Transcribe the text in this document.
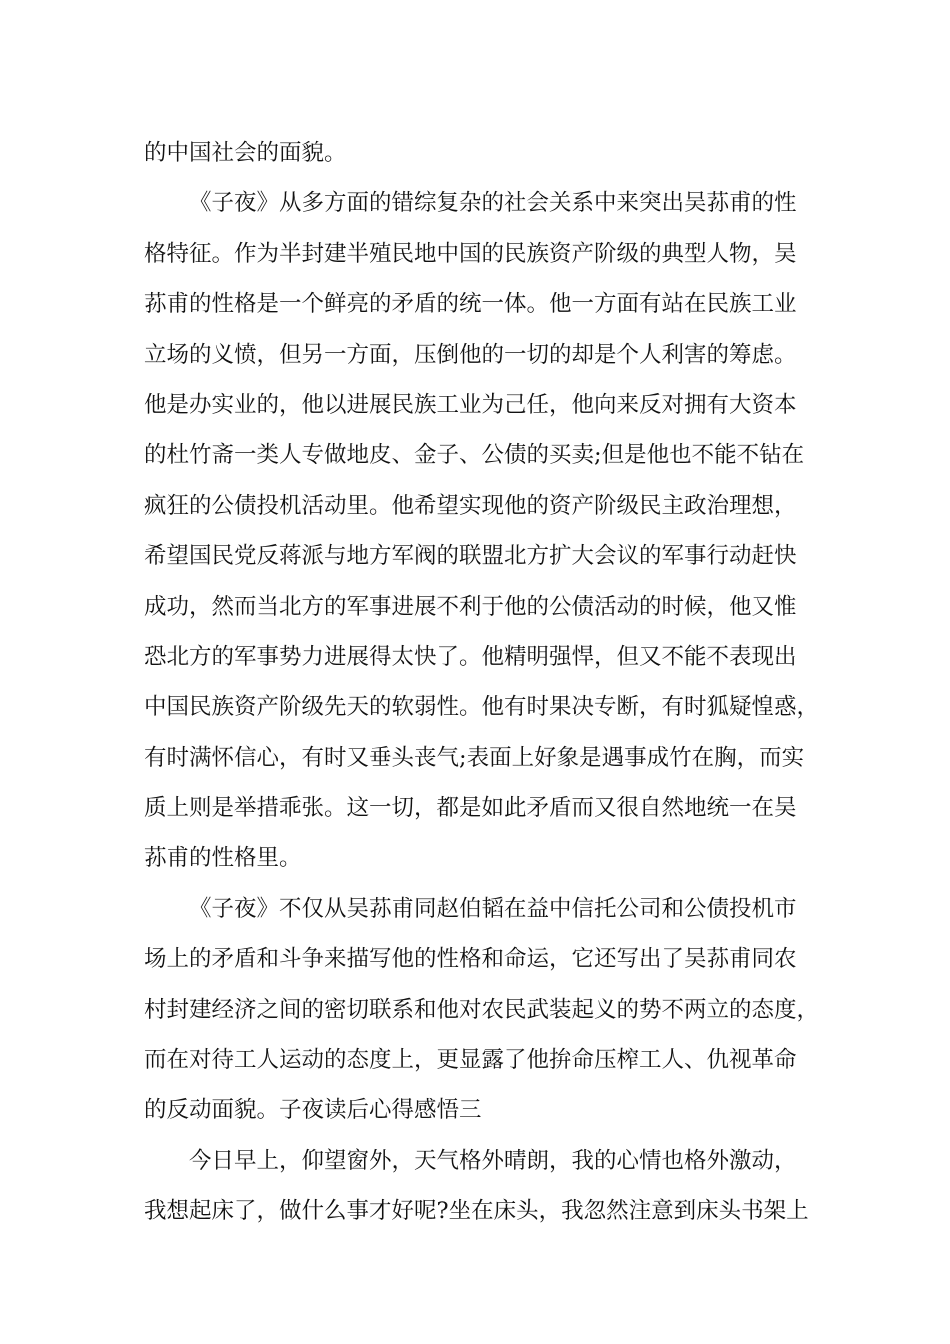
的中国社会的面貌。
《子夜》从多方面的错综复杂的社会关系中来突出吴荪甫的性
格特征。作为半封建半殖民地中国的民族资产阶级的典型人物，吴
荪甫的性格是一个鲜亮的矛盾的统一体。他一方面有站在民族工业
立场的义愤，但另一方面，压倒他的一切的却是个人利害的筹虑。
他是办实业的，他以进展民族工业为己任，他向来反对拥有大资本
的杜竹斋一类人专做地皮、金子、公债的买卖;但是他也不能不钻在
疯狂的公债投机活动里。他希望实现他的资产阶级民主政治理想，
希望国民党反蒋派与地方军阀的联盟北方扩大会议的军事行动赶快
成功，然而当北方的军事进展不利于他的公债活动的时候，他又惟
恐北方的军事势力进展得太快了。他精明强悍，但又不能不表现出
中国民族资产阶级先天的软弱性。他有时果决专断，有时狐疑惶惑，
有时满怀信心，有时又垂头丧气;表面上好象是遇事成竹在胸，而实
质上则是举措乖张。这一切，都是如此矛盾而又很自然地统一在吴
荪甫的性格里。
《子夜》不仅从吴荪甫同赵伯韬在益中信托公司和公债投机市
场上的矛盾和斗争来描写他的性格和命运，它还写出了吴荪甫同农
村封建经济之间的密切联系和他对农民武装起义的势不两立的态度，
而在对待工人运动的态度上，更显露了他拚命压榨工人、仇视革命
的反动面貌。子夜读后心得感悟三
今日早上，仰望窗外，天气格外晴朗，我的心情也格外激动，
我想起床了，做什么事才好呢?坐在床头，我忽然注意到床头书架上
